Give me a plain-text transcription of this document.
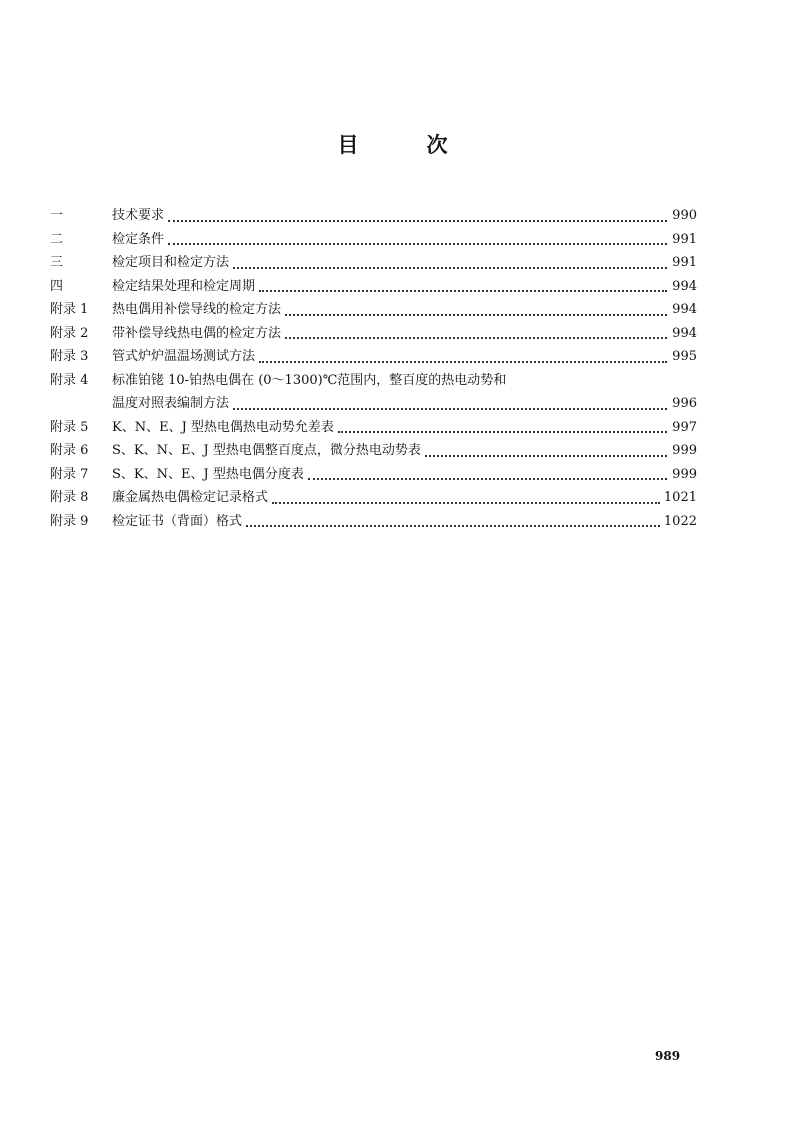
目	次
一	技术要求	990
二	检定条件	991
三	检定项目和检定方法	991
四	检定结果处理和检定周期	994
附录 1	热电偶用补偿导线的检定方法	994
附录 2	带补偿导线热电偶的检定方法	994
附录 3	管式炉炉温温场测试方法	995
附录 4	标准铂铑 10-铂热电偶在 (0～1300)℃范围内，整百度的热电动势和
温度对照表编制方法	996
附录 5	K、N、E、J 型热电偶热电动势允差表	997
附录 6	S、K、N、E、J 型热电偶整百度点，微分热电动势表	999
附录 7	S、K、N、E、J 型热电偶分度表	999
附录 8	廉金属热电偶检定记录格式	1021
附录 9	检定证书（背面）格式	1022
989
